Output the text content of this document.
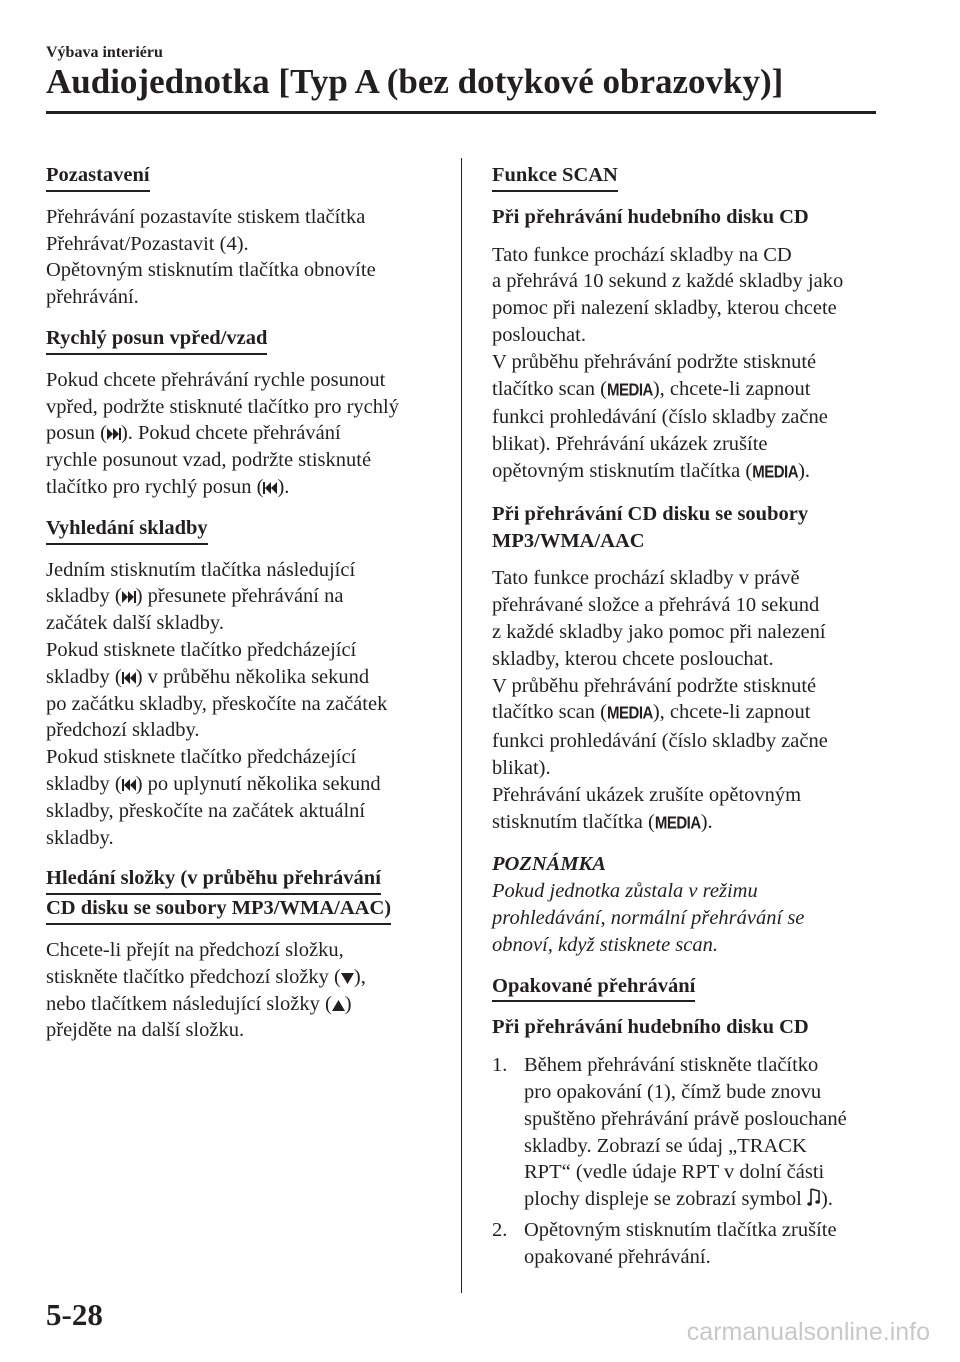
Výbava interiéru
Audiojednotka [Typ A (bez dotykové obrazovky)]
Pozastavení
Přehrávání pozastavíte stiskem tlačítka
Přehrávat/Pozastavit (4).
Opětovným stisknutím tlačítka obnovíte
přehrávání.
Rychlý posun vpřed/vzad
Pokud chcete přehrávání rychle posunout
vpřed, podržte stisknuté tlačítko pro rychlý
posun ( ). Pokud chcete přehrávání
rychle posunout vzad, podržte stisknuté
tlačítko pro rychlý posun ( ).
Vyhledání skladby
Jedním stisknutím tlačítka následující
skladby ( ) přesunete přehrávání na
začátek další skladby.
Pokud stisknete tlačítko předcházející
skladby ( ) v průběhu několika sekund
po začátku skladby, přeskočíte na začátek
předchozí skladby.
Pokud stisknete tlačítko předcházející
skladby ( ) po uplynutí několika sekund
skladby, přeskočíte na začátek aktuální
skladby.
Hledání složky (v průběhu přehrávání
CD disku se soubory MP3/WMA/AAC)
Chcete-li přejít na předchozí složku,
stiskněte tlačítko předchozí složky ( ),
nebo tlačítkem následující složky ( )
přejděte na další složku.
Funkce SCAN
Při přehrávání hudebního disku CD
Tato funkce prochází skladby na CD
a přehrává 10 sekund z každé skladby jako
pomoc při nalezení skladby, kterou chcete
poslouchat.
V průběhu přehrávání podržte stisknuté
tlačítko scan (MEDIA), chcete-li zapnout
funkci prohledávání (číslo skladby začne
blikat). Přehrávání ukázek zrušíte
opětovným stisknutím tlačítka (MEDIA).
Při přehrávání CD disku se soubory
MP3/WMA/AAC
Tato funkce prochází skladby v právě
přehrávané složce a přehrává 10 sekund
z každé skladby jako pomoc při nalezení
skladby, kterou chcete poslouchat.
V průběhu přehrávání podržte stisknuté
tlačítko scan (MEDIA), chcete-li zapnout
funkci prohledávání (číslo skladby začne
blikat).
Přehrávání ukázek zrušíte opětovným
stisknutím tlačítka (MEDIA).
POZNÁMKA
Pokud jednotka zůstala v režimu
prohledávání, normální přehrávání se
obnoví, když stisknete scan.
Opakované přehrávání
Při přehrávání hudebního disku CD
1. Během přehrávání stiskněte tlačítko
pro opakování (1), čímž bude znovu
spuštěno přehrávání právě poslouchané
skladby. Zobrazí se údaj „TRACK
RPT“ (vedle údaje RPT v dolní části
plochy displeje se zobrazí symbol ).
2. Opětovným stisknutím tlačítka zrušíte
opakované přehrávání.
5-28	carmanualsonline.info
